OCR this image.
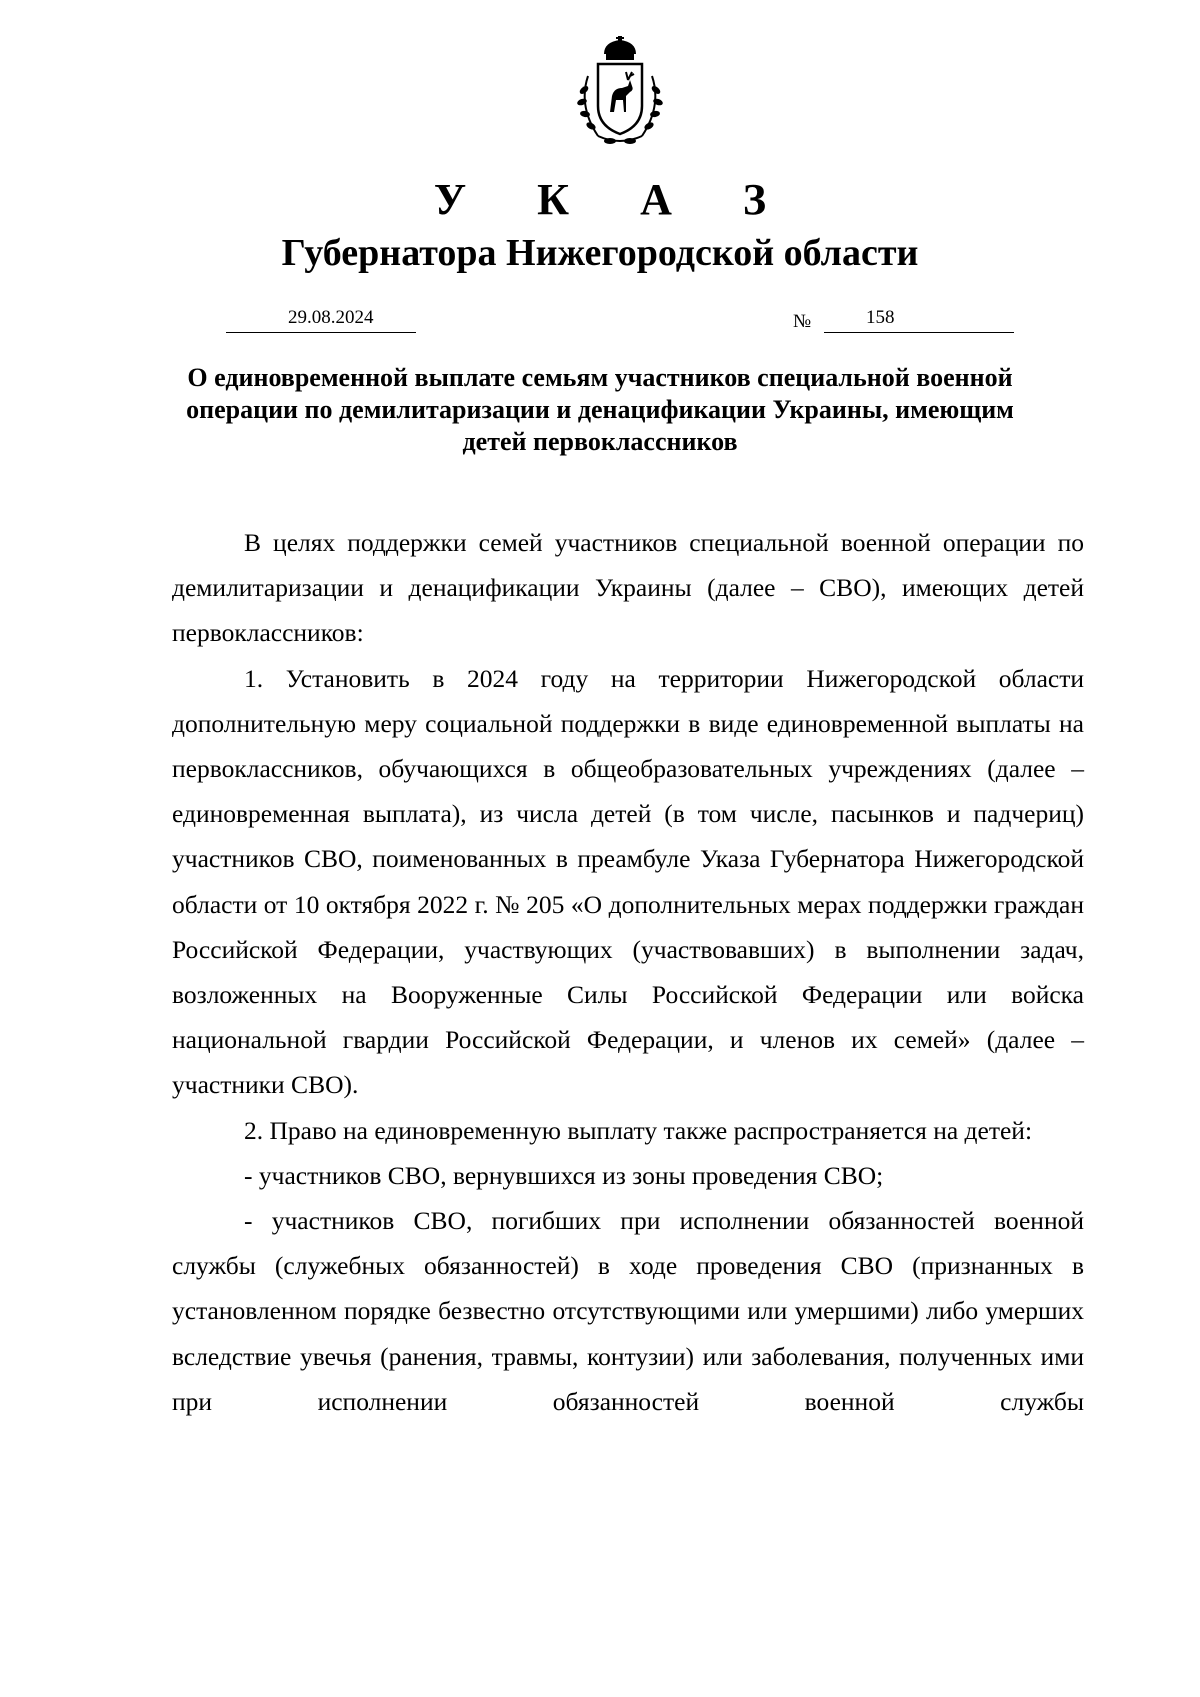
У К А З
Губернатора Нижегородской области
29.08.2024	№	158
О единовременной выплате семьям участников специальной военной операции по демилитаризации и денацификации Украины, имеющим детей первоклассников

В целях поддержки семей участников специальной военной операции по демилитаризации и денацификации Украины (далее – СВО), имеющих детей первоклассников:

1. Установить в 2024 году на территории Нижегородской области дополнительную меру социальной поддержки в виде единовременной выплаты на первоклассников, обучающихся в общеобразовательных учреждениях (далее – единовременная выплата), из числа детей (в том числе, пасынков и падчериц) участников СВО, поименованных в преамбуле Указа Губернатора Нижегородской области от 10 октября 2022 г. № 205 «О дополнительных мерах поддержки граждан Российской Федерации, участвующих (участвовавших) в выполнении задач, возложенных на Вооруженные Силы Российской Федерации или войска национальной гвардии Российской Федерации, и членов их семей» (далее – участники СВО).

2. Право на единовременную выплату также распространяется на детей:

- участников СВО, вернувшихся из зоны проведения СВО;

- участников СВО, погибших при исполнении обязанностей военной службы (служебных обязанностей) в ходе проведения СВО (признанных в установленном порядке безвестно отсутствующими или умершими) либо умерших вследствие увечья (ранения, травмы, контузии) или заболевания, полученных ими при исполнении обязанностей военной службы
